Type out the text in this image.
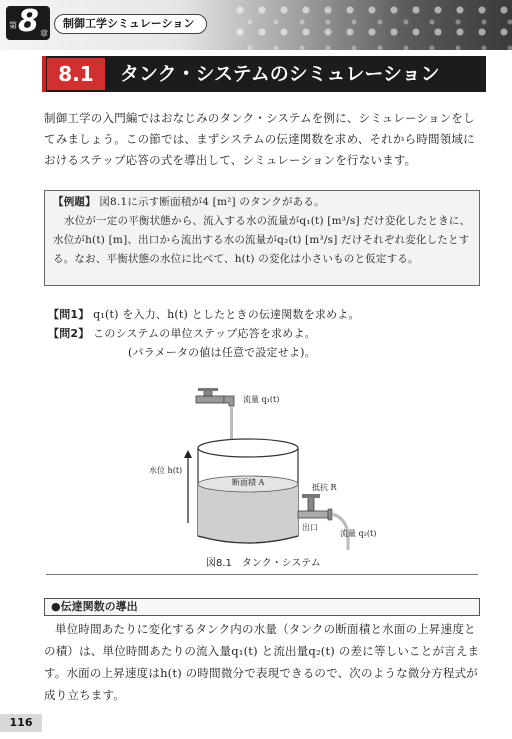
第 8 章
制御工学シミュレーション
8.1	タンク・システムのシミュレーション
制御工学の入門編ではおなじみのタンク・システムを例に、シミュレーションをしてみましょう。この節では、まずシステムの伝達関数を求め、それから時間領域におけるステップ応答の式を導出して、シミュレーションを行ないます。
【例題】 図8.1に示す断面積が4 [m²] のタンクがある。
水位が一定の平衡状態から、流入する水の流量がq₁(t) [m³/s] だけ変化したときに、水位がh(t) [m]、出口から流出する水の流量がq₂(t) [m³/s] だけそれぞれ変化したとする。なお、平衡状態の水位に比べて、h(t) の変化は小さいものと仮定する。
【問1】 q₁(t) を入力、h(t) としたときの伝達関数を求めよ。
【問2】 このシステムの単位ステップ応答を求めよ。
(パラメータの値は任意で設定せよ)。
流量 q₁(t)
水位 h(t)
断面積 A
抵抗 R
出口
流量 q₂(t)
図8.1　タンク・システム
●伝達関数の導出
単位時間あたりに変化するタンク内の水量（タンクの断面積と水面の上昇速度との積）は、単位時間あたりの流入量q₁(t) と流出量q₂(t) の差に等しいことが言えます。水面の上昇速度はh(t) の時間微分で表現できるので、次のような微分方程式が成り立ちます。
116
